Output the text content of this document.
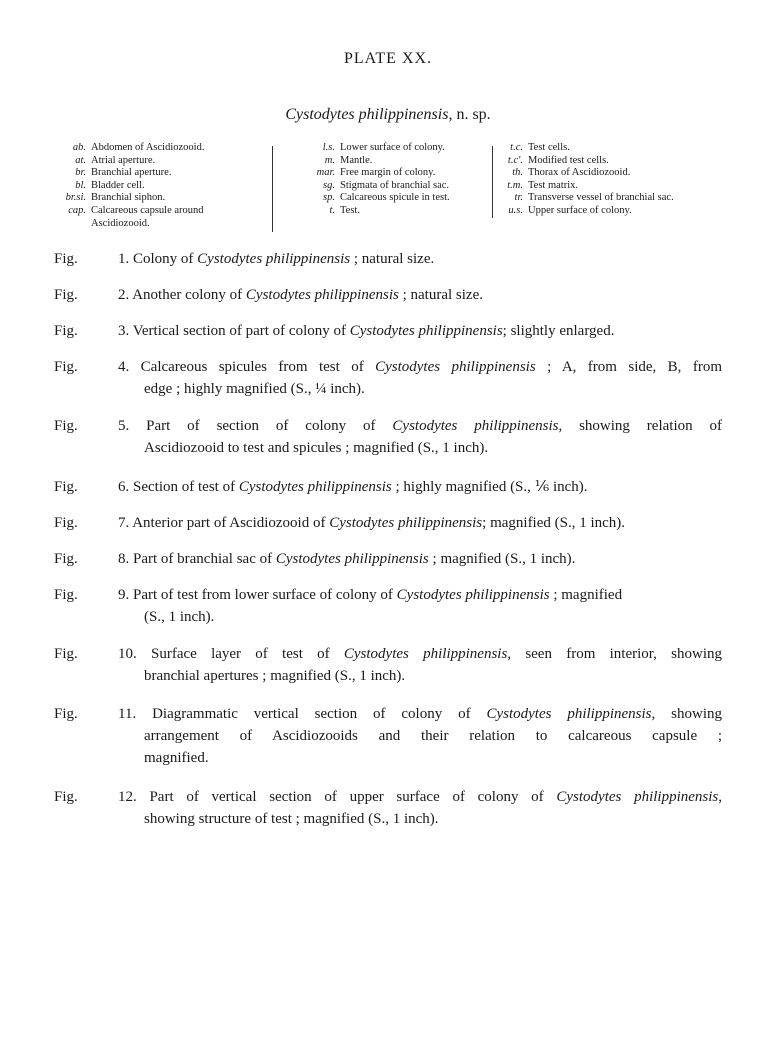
PLATE XX.
Cystodytes philippinensis, n. sp.
ab. Abdomen of Ascidiozooid.
at. Atrial aperture.
br. Branchial aperture.
bl. Bladder cell.
br.si. Branchial siphon.
cap. Calcareous capsule around Ascidiozooid.
l.s. Lower surface of colony.
m. Mantle.
mar. Free margin of colony.
sg. Stigmata of branchial sac.
sp. Calcareous spicule in test.
t. Test.
t.c. Test cells.
t.c'. Modified test cells.
th. Thorax of Ascidiozooid.
t.m. Test matrix.
tr. Transverse vessel of branchial sac.
u.s. Upper surface of colony.
Fig.	1. Colony of Cystodytes philippinensis ; natural size.
Fig.	2. Another colony of Cystodytes philippinensis ; natural size.
Fig.	3. Vertical section of part of colony of Cystodytes philippinensis; slightly enlarged.
Fig.	4. Calcareous spicules from test of Cystodytes philippinensis ; A, from side, B, from
edge ; highly magnified (S., ¼ inch).
Fig.	5. Part of section of colony of Cystodytes philippinensis, showing relation of
Ascidiozooid to test and spicules ; magnified (S., 1 inch).
Fig.	6. Section of test of Cystodytes philippinensis ; highly magnified (S., ⅙ inch).
Fig.	7. Anterior part of Ascidiozooid of Cystodytes philippinensis; magnified (S., 1 inch).
Fig.	8. Part of branchial sac of Cystodytes philippinensis ; magnified (S., 1 inch).
Fig.	9. Part of test from lower surface of colony of Cystodytes philippinensis ; magnified
(S., 1 inch).
Fig.	10. Surface layer of test of Cystodytes philippinensis, seen from interior, showing
branchial apertures ; magnified (S., 1 inch).
Fig.	11. Diagrammatic vertical section of colony of Cystodytes philippinensis, showing
arrangement of Ascidiozooids and their relation to calcareous capsule ;
magnified.
Fig.	12. Part of vertical section of upper surface of colony of Cystodytes philippinensis,
showing structure of test ; magnified (S., 1 inch).
